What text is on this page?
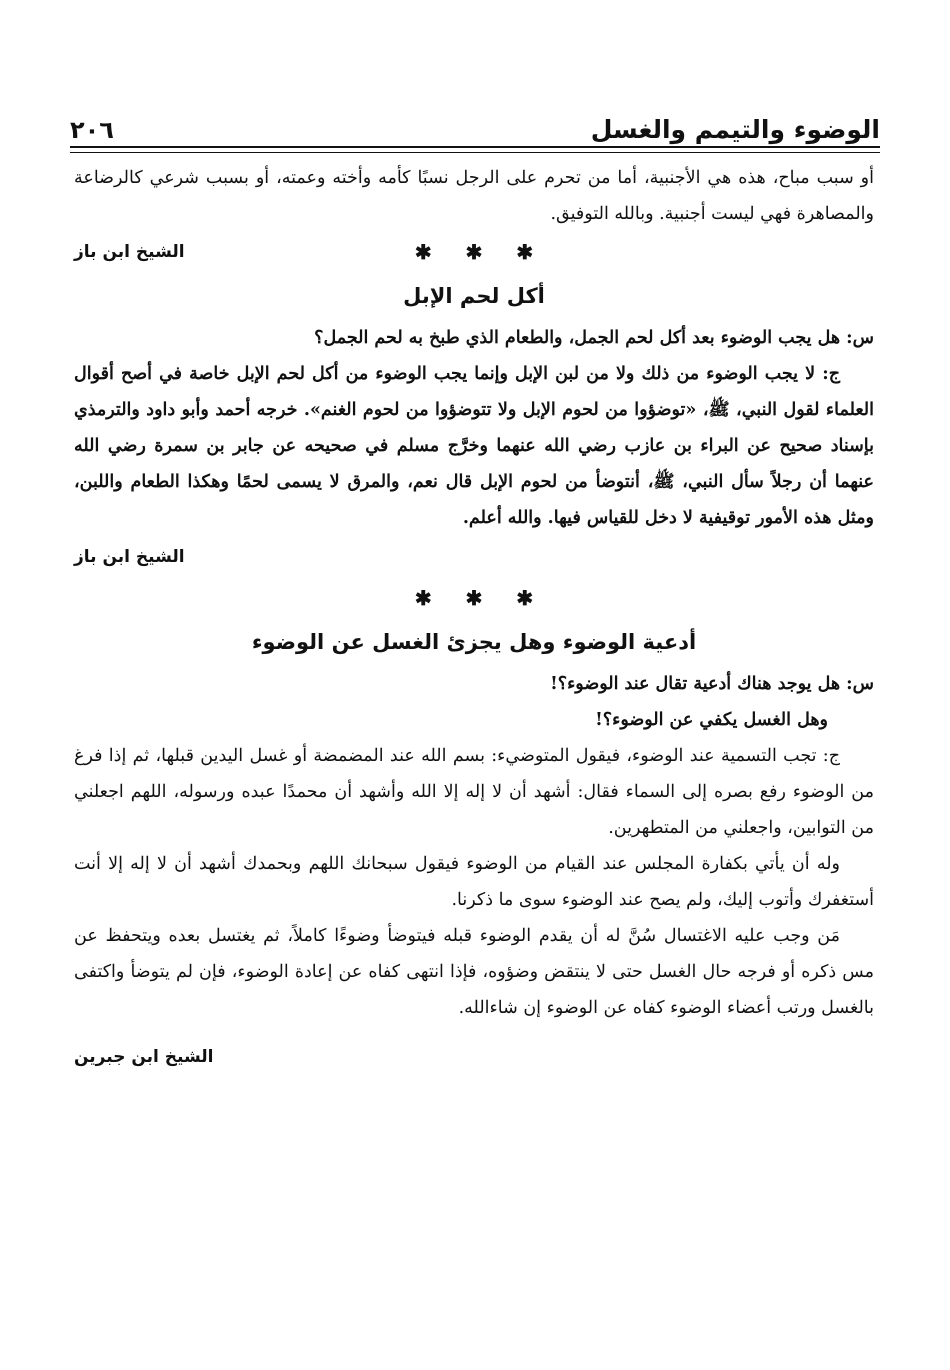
الوضوء والتيمم والغسل
٢٠٦

أو سبب مباح، هذه هي الأجنبية، أما من تحرم على الرجل نسبًا كأمه وأخته وعمته، أو بسبب شرعي كالرضاعة والمصاهرة فهي ليست أجنبية. وبالله التوفيق.

الشيخ ابن باز	✱
✱
✱
أكل لحم الإبل

س: هل يجب الوضوء بعد أكل لحم الجمل، والطعام الذي طبخ به لحم الجمل؟

ج: لا يجب الوضوء من ذلك ولا من لبن الإبل وإنما يجب الوضوء من أكل لحم الإبل خاصة في أصح أقوال العلماء لقول النبي، ﷺ، «توضؤوا من لحوم الإبل ولا تتوضؤوا من لحوم الغنم». خرجه أحمد وأبو داود والترمذي بإسناد صحيح عن البراء بن عازب رضي الله عنهما وخرَّج مسلم في صحيحه عن جابر بن سمرة رضي الله عنهما أن رجلاً سأل النبي، ﷺ، أنتوضأ من لحوم الإبل قال نعم، والمرق لا يسمى لحمًا وهكذا الطعام واللبن، ومثل هذه الأمور توقيفية لا دخل للقياس فيها. والله أعلم.

الشيخ ابن باز
✱
✱
✱
أدعية الوضوء وهل يجزئ الغسل عن الوضوء

س: هل يوجد هناك أدعية تقال عند الوضوء؟!

وهل الغسل يكفي عن الوضوء؟!

ج: تجب التسمية عند الوضوء، فيقول المتوضيء: بسم الله عند المضمضة أو غسل اليدين قبلها، ثم إذا فرغ من الوضوء رفع بصره إلى السماء فقال: أشهد أن لا إله إلا الله وأشهد أن محمدًا عبده ورسوله، اللهم اجعلني من التوابين، واجعلني من المتطهرين.

وله أن يأتي بكفارة المجلس عند القيام من الوضوء فيقول سبحانك اللهم وبحمدك أشهد أن لا إله إلا أنت أستغفرك وأتوب إليك، ولم يصح عند الوضوء سوى ما ذكرنا.

مَن وجب عليه الاغتسال سُنَّ له أن يقدم الوضوء قبله فيتوضأ وضوءًا كاملاً، ثم يغتسل بعده ويتحفظ عن مس ذكره أو فرجه حال الغسل حتى لا ينتقض وضؤوه، فإذا انتهى كفاه عن إعادة الوضوء، فإن لم يتوضأ واكتفى بالغسل ورتب أعضاء الوضوء كفاه عن الوضوء إن شاءالله.

الشيخ ابن جبرين
